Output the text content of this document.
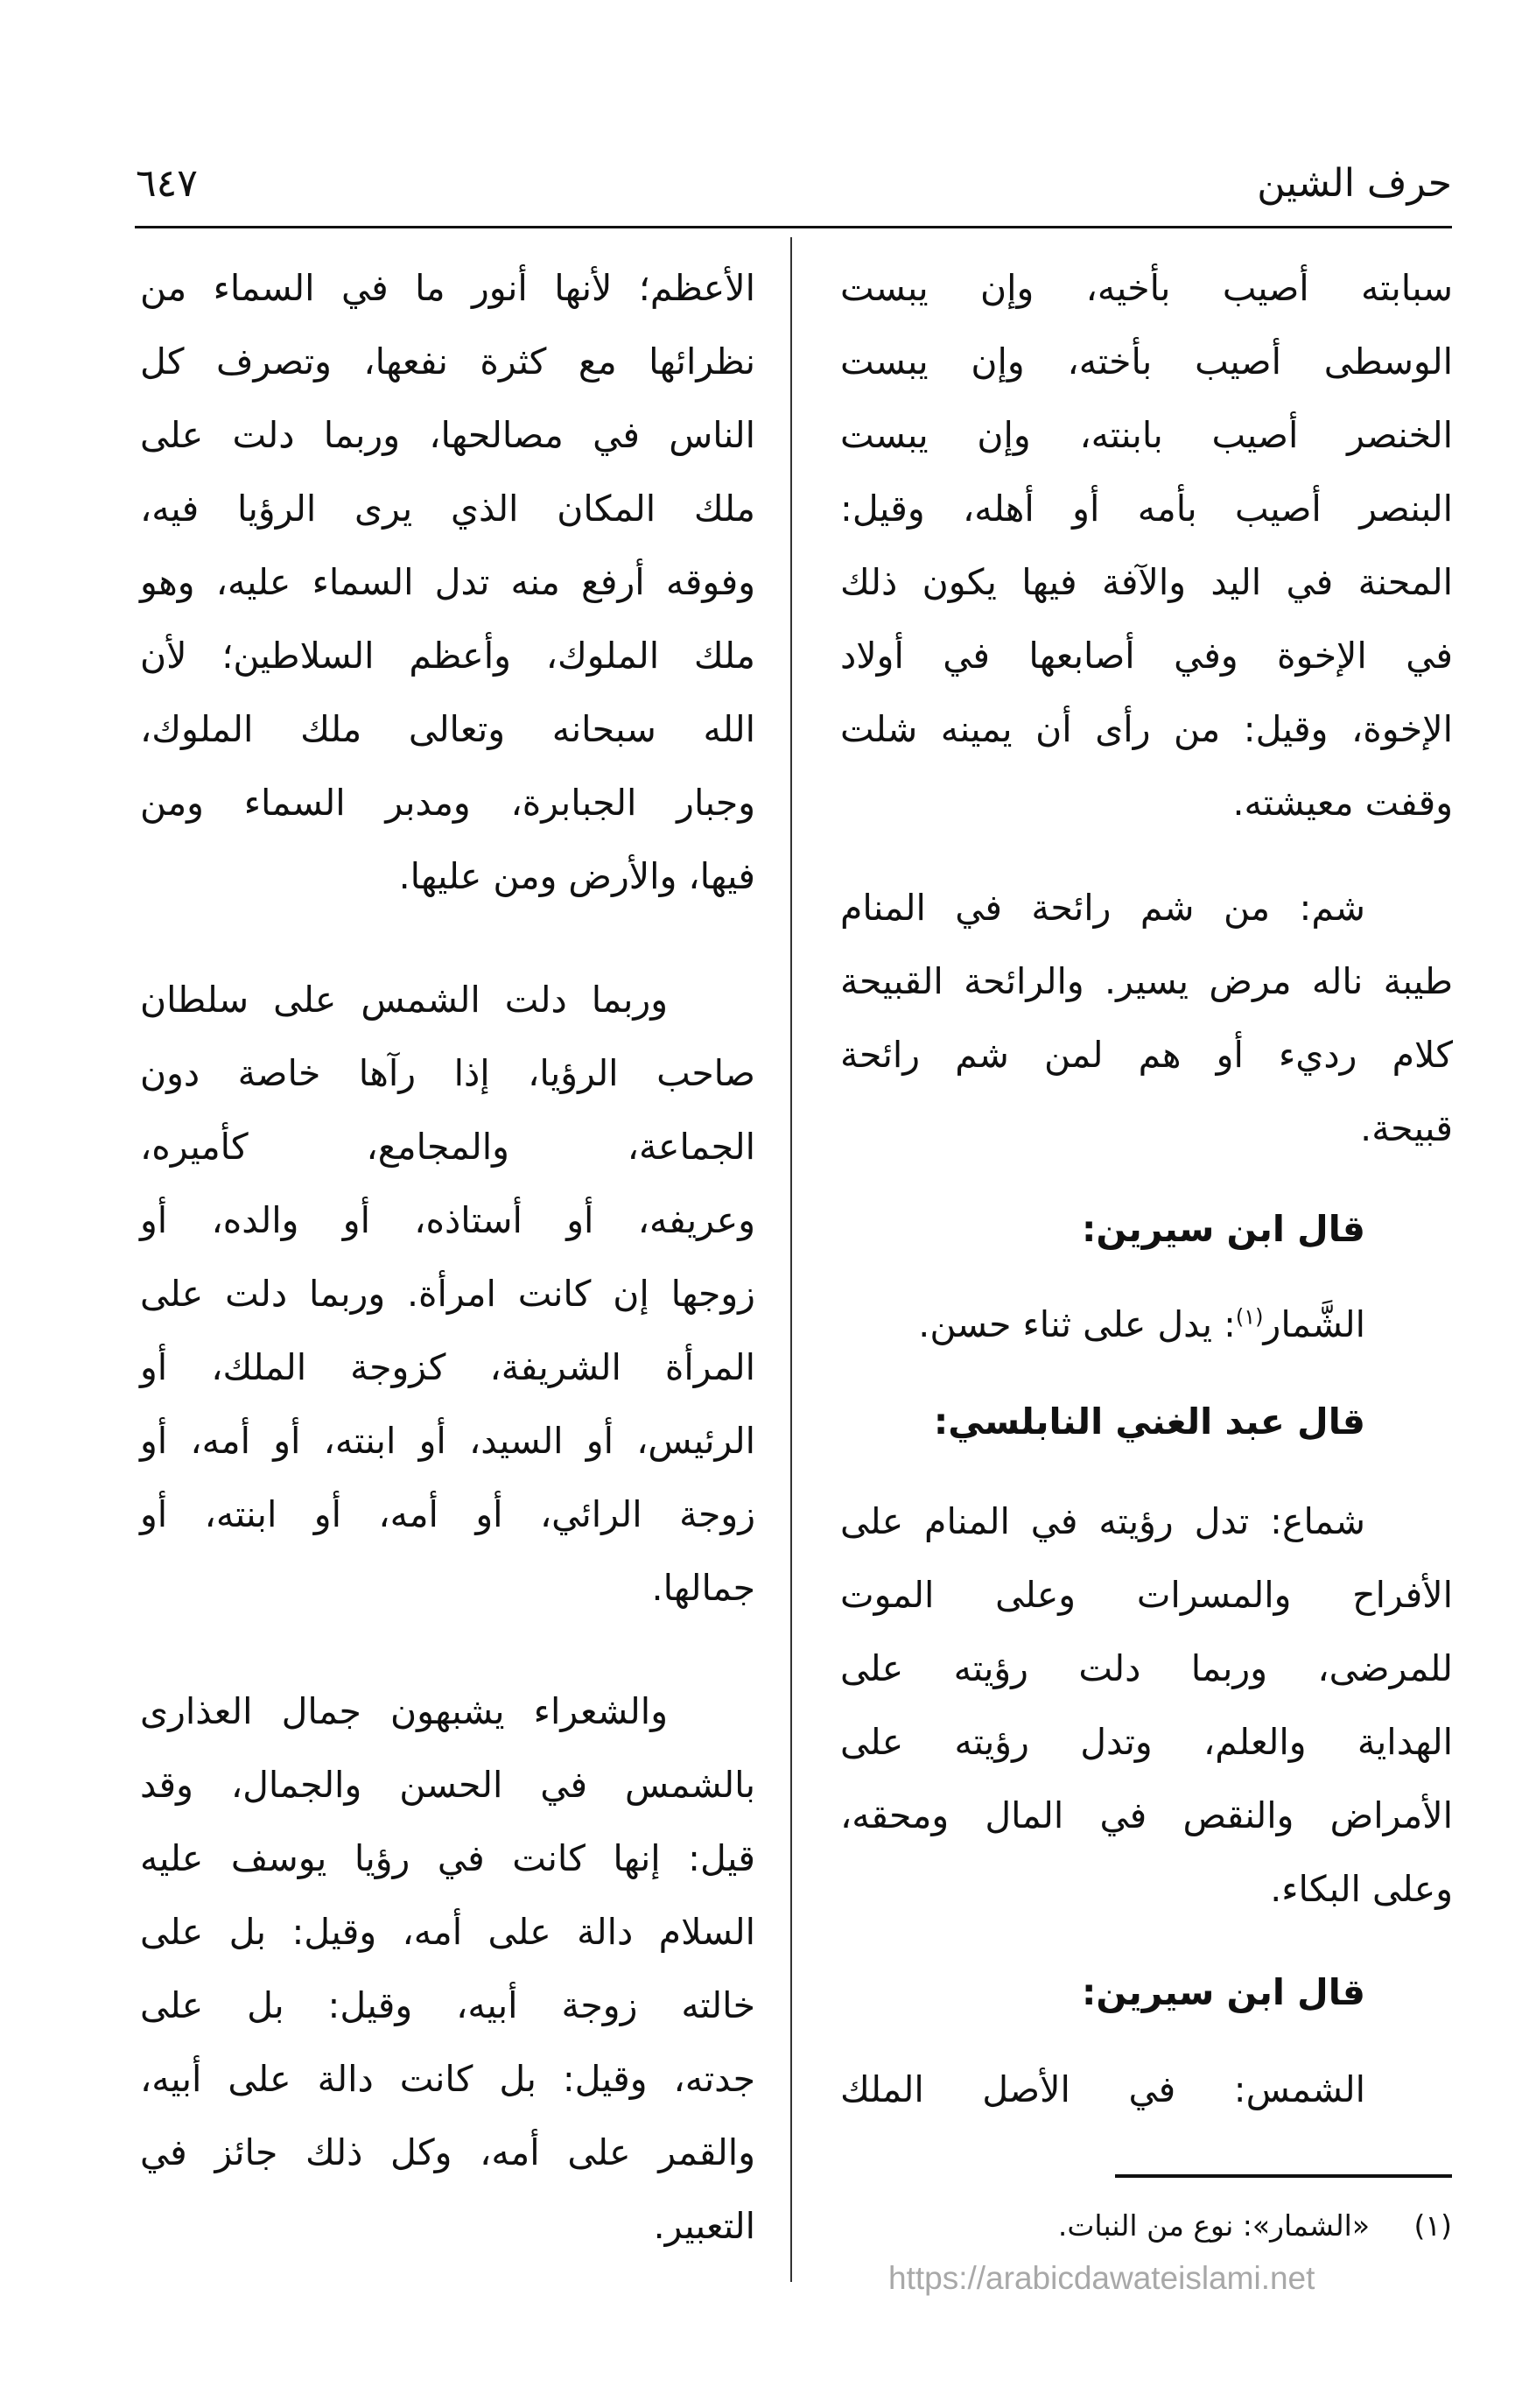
حرف الشين
٦٤٧
سبابته أصيب بأخيه، وإن يبست
الوسطى أصيب بأخته، وإن يبست
الخنصر أصيب بابنته، وإن يبست
البنصر أصيب بأمه أو أهله، وقيل:
المحنة في اليد والآفة فيها يكون ذلك
في الإخوة وفي أصابعها في أولاد
الإخوة، وقيل: من رأى أن يمينه شلت
وقفت معيشته.
شم: من شم رائحة في المنام
طيبة ناله مرض يسير. والرائحة القبيحة
كلام رديء أو هم لمن شم رائحة
قبيحة.
قال ابن سيرين:
الشَّمار$^{(١)}$: يدل على ثناء حسن.
قال عبد الغني النابلسي:
شماع: تدل رؤيته في المنام على
الأفراح والمسرات وعلى الموت
للمرضى، وربما دلت رؤيته على
الهداية والعلم، وتدل رؤيته على
الأمراض والنقص في المال ومحقه،
وعلى البكاء.
قال ابن سيرين:
الشمس: في الأصل الملك
الأعظم؛ لأنها أنور ما في السماء من
نظرائها مع كثرة نفعها، وتصرف كل
الناس في مصالحها، وربما دلت على
ملك المكان الذي يرى الرؤيا فيه،
وفوقه أرفع منه تدل السماء عليه، وهو
ملك الملوك، وأعظم السلاطين؛ لأن
الله سبحانه وتعالى ملك الملوك،
وجبار الجبابرة، ومدبر السماء ومن
فيها، والأرض ومن عليها.
وربما دلت الشمس على سلطان
صاحب الرؤيا، إذا رآها خاصة دون
الجماعة، والمجامع، كأميره،
وعريفه، أو أستاذه، أو والده، أو
زوجها إن كانت امرأة. وربما دلت على
المرأة الشريفة، كزوجة الملك، أو
الرئيس، أو السيد، أو ابنته، أو أمه، أو
زوجة الرائي، أو أمه، أو ابنته، أو
جمالها.
والشعراء يشبهون جمال العذارى
بالشمس في الحسن والجمال، وقد
قيل: إنها كانت في رؤيا يوسف عليه
السلام دالة على أمه، وقيل: بل على
خالته زوجة أبيه، وقيل: بل على
جدته، وقيل: بل كانت دالة على أبيه،
والقمر على أمه، وكل ذلك جائز في
التعبير.	(١) «الشمار»: نوع من النبات.
https://arabicdawateislami.net
